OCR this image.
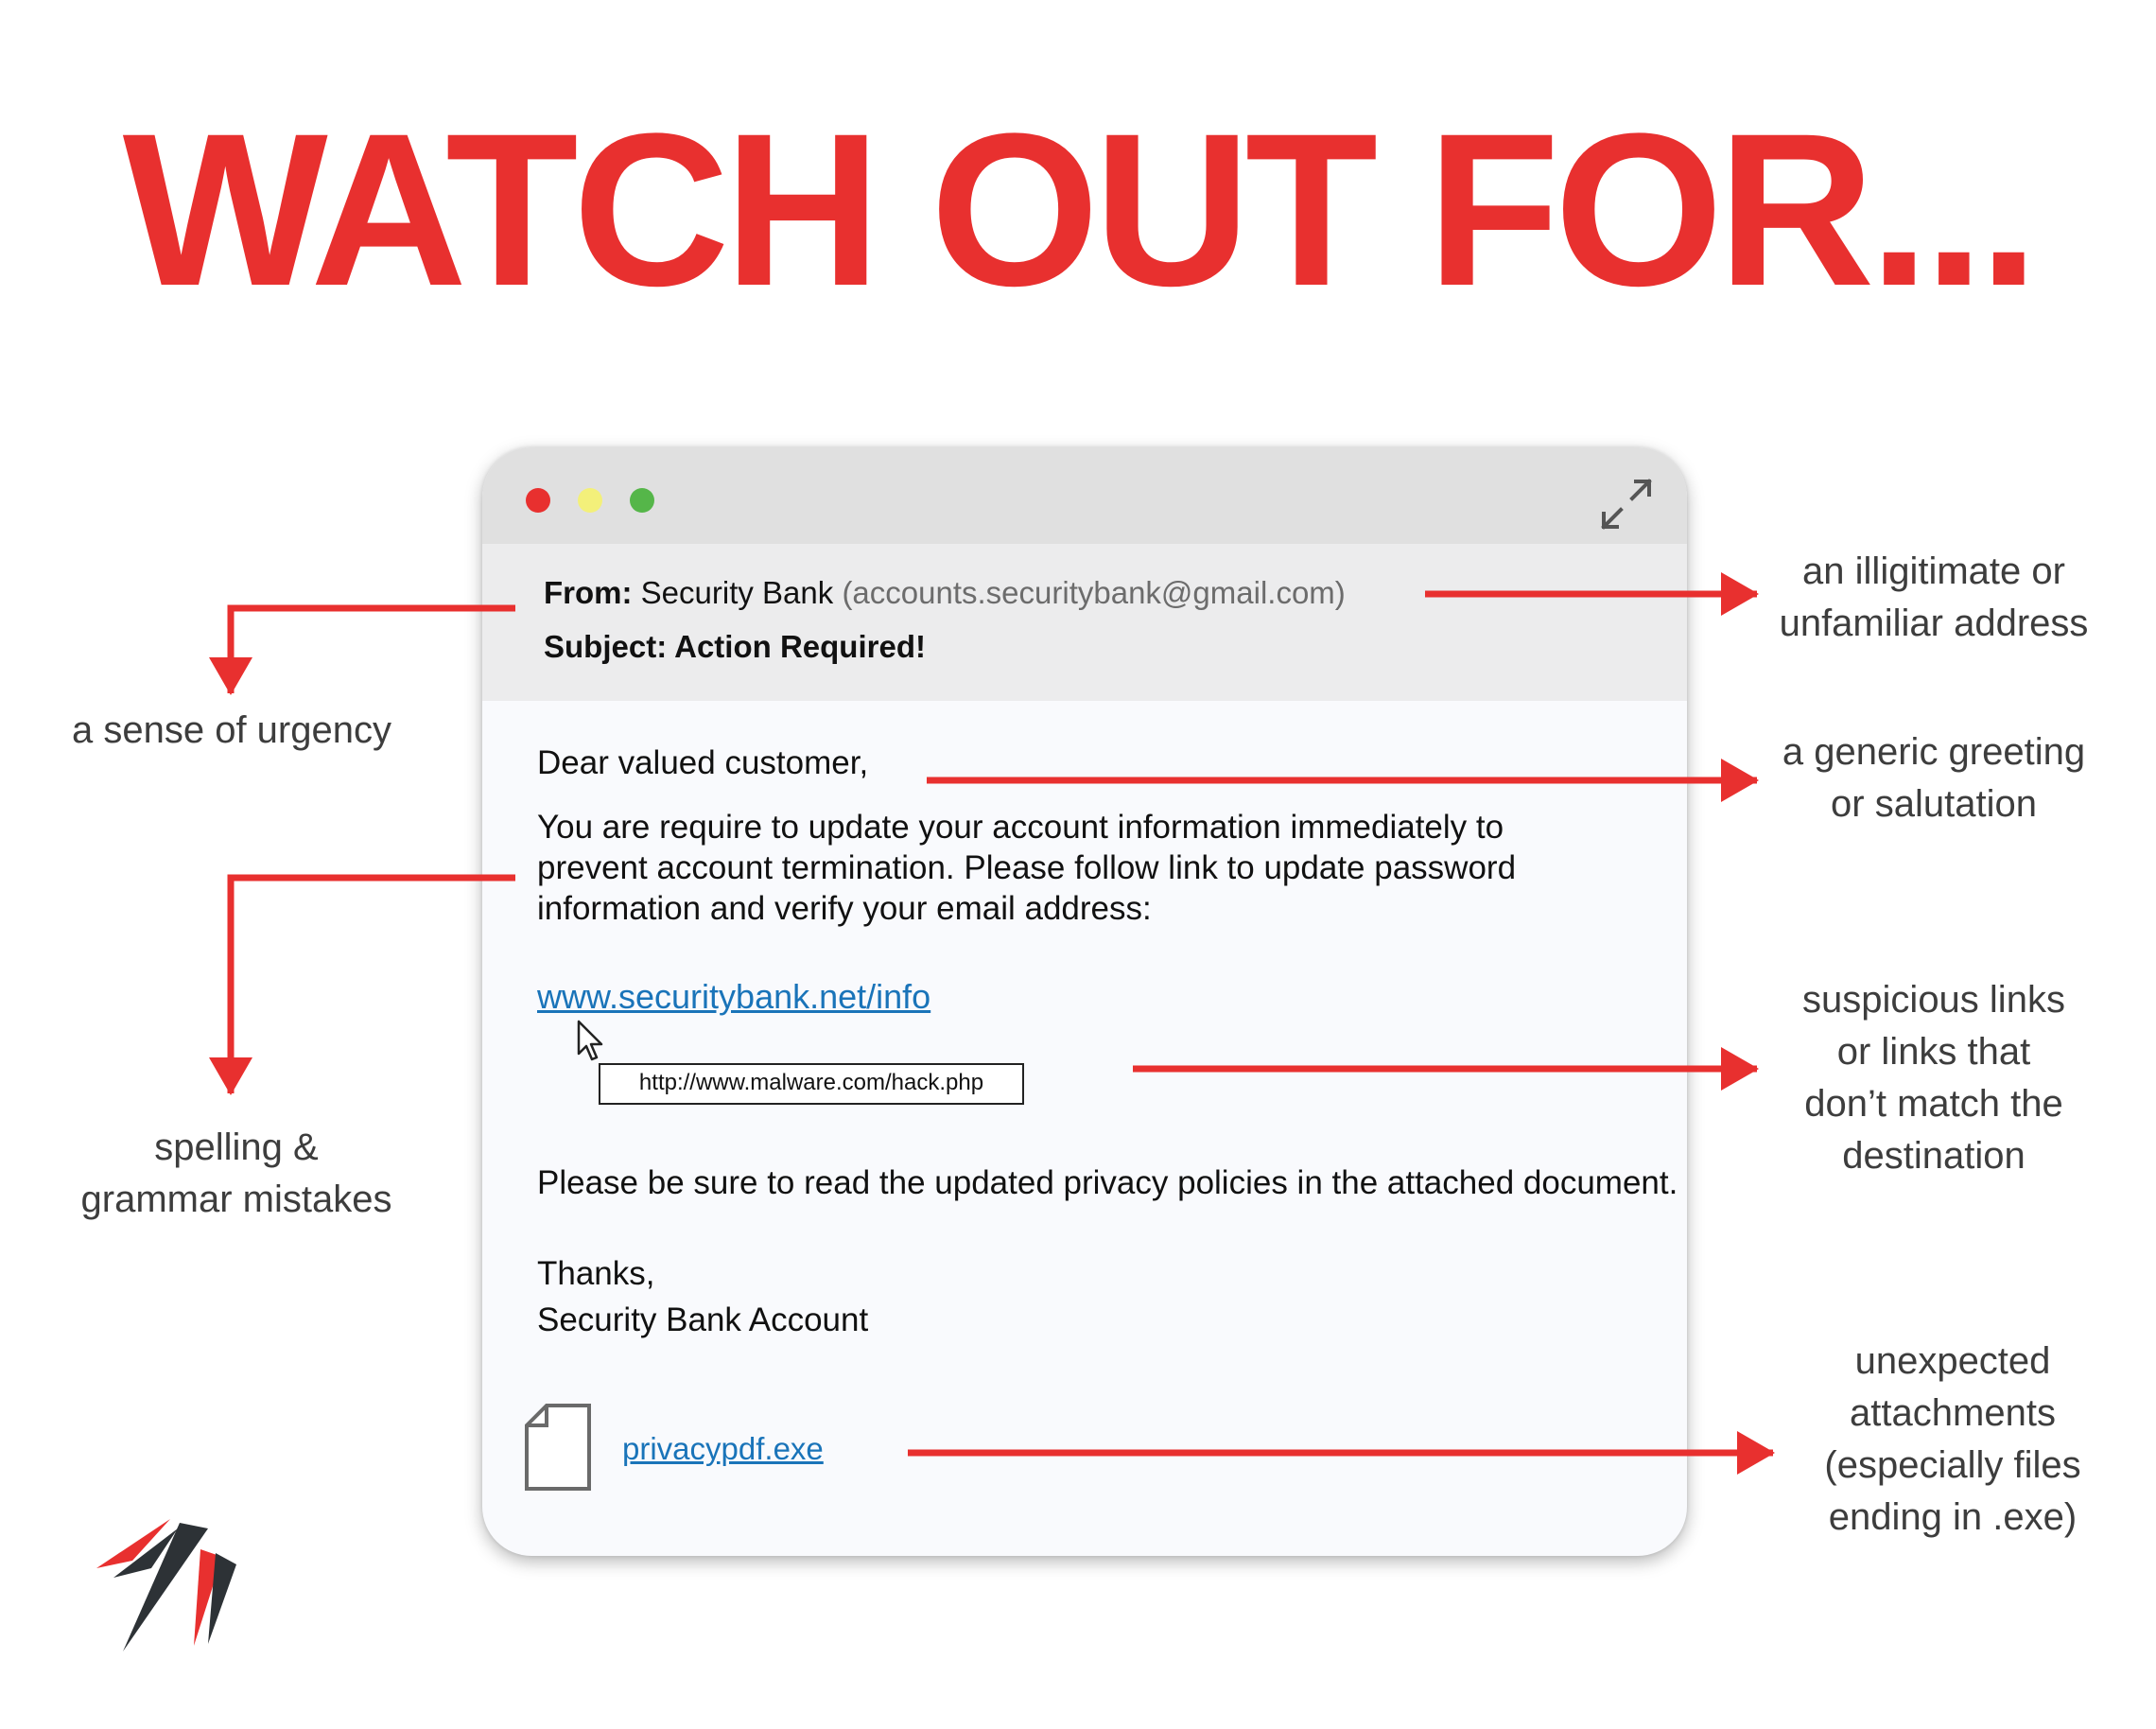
WATCH OUT FOR...
From: Security Bank (accounts.securitybank@gmail.com)
Subject: Action Required!
Dear valued customer,
You are require to update your account information immediately to
prevent account termination. Please follow link to update password
information and verify your email address:
www.securitybank.net/info
http://www.malware.com/hack.php
Please be sure to read the updated privacy policies in the attached document.
Thanks,
Security Bank Account
privacypdf.exe
a sense of urgency
spelling &
grammar mistakes
an illigitimate or
unfamiliar address
a generic greeting
or salutation
suspicious links
or links that
don’t match the
destination
unexpected
attachments
(especially files
ending in .exe)
